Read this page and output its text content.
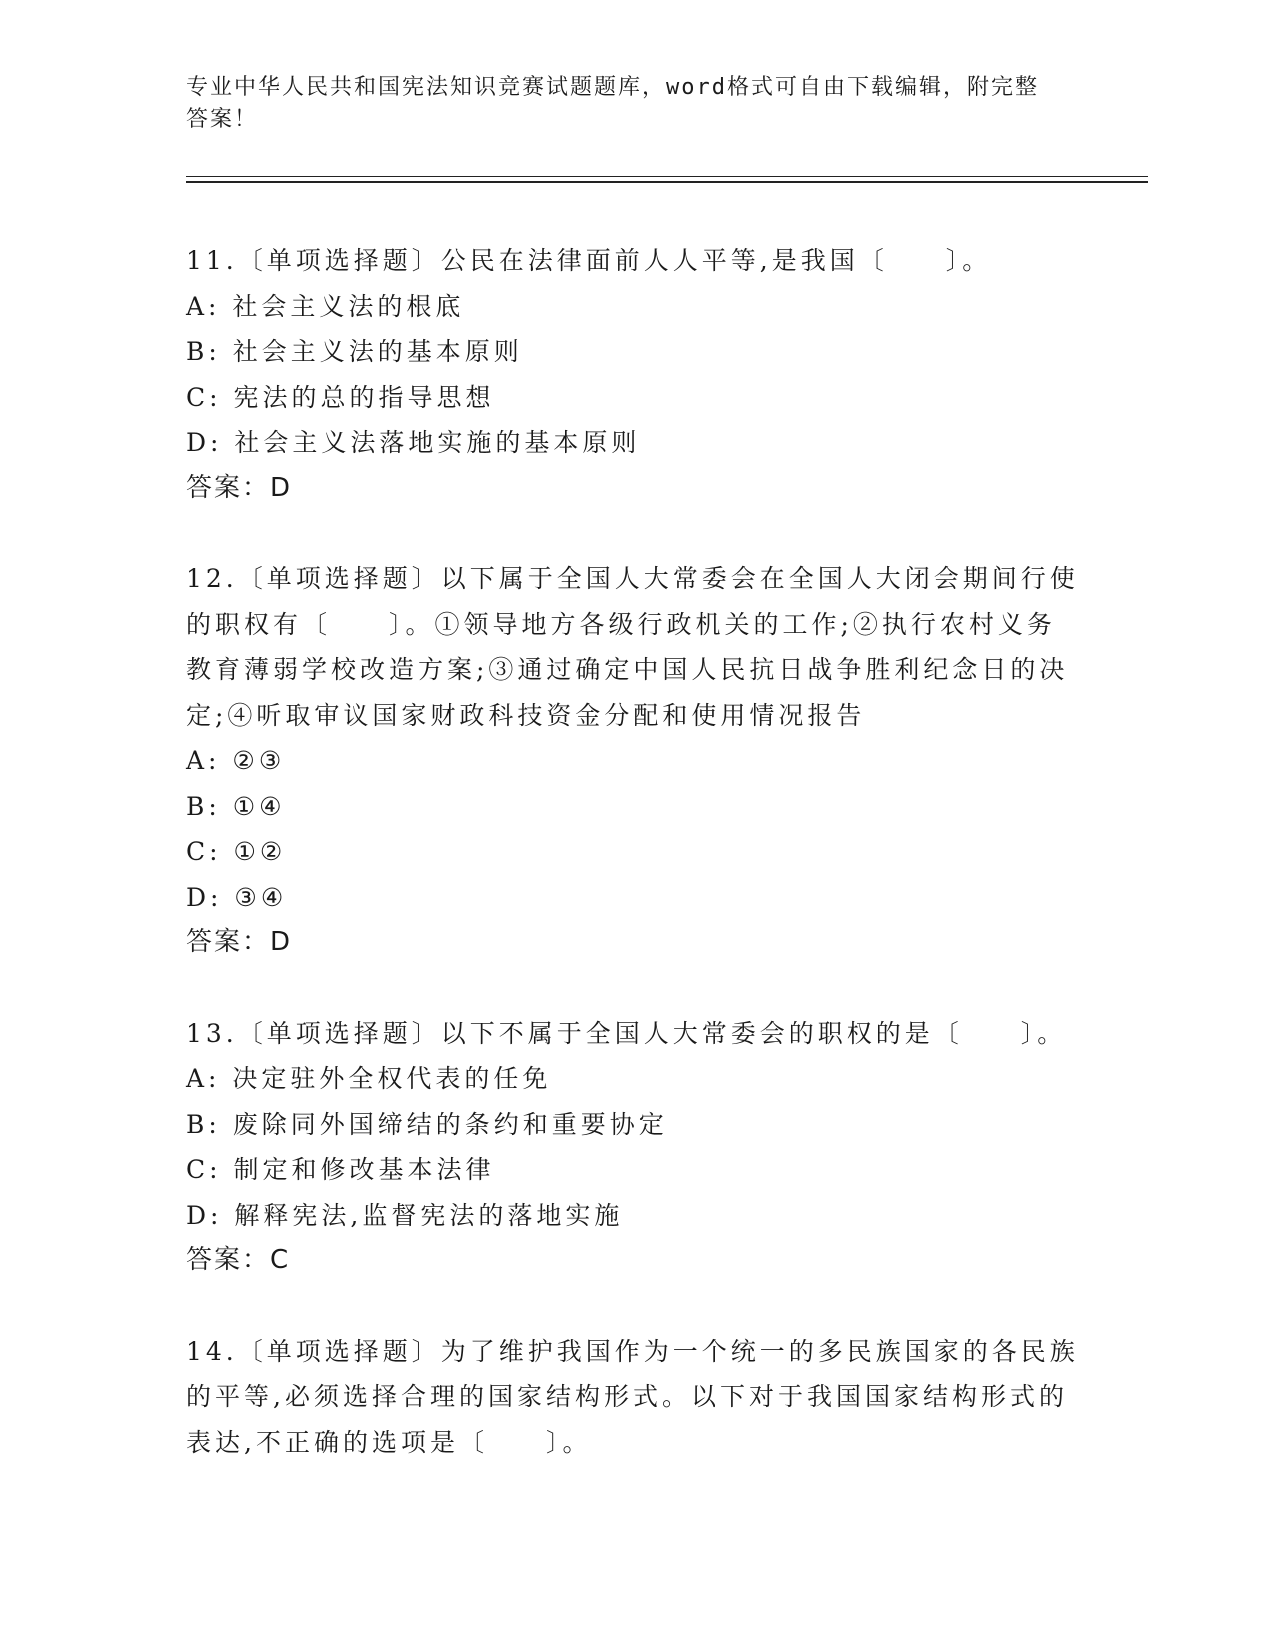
专业中华人民共和国宪法知识竞赛试题题库，word格式可自由下载编辑，附完整
答案！
11.〔单项选择题〕公民在法律面前人人平等,是我国〔　　〕。
A: 社会主义法的根底
B: 社会主义法的基本原则
C: 宪法的总的指导思想
D: 社会主义法落地实施的基本原则
答案：D
12.〔单项选择题〕以下属于全国人大常委会在全国人大闭会期间行使
的职权有〔　　〕。①领导地方各级行政机关的工作;②执行农村义务
教育薄弱学校改造方案;③通过确定中国人民抗日战争胜利纪念日的决
定;④听取审议国家财政科技资金分配和使用情况报告
A: ②③
B: ①④
C: ①②
D: ③④
答案：D
13.〔单项选择题〕以下不属于全国人大常委会的职权的是〔　　〕。
A: 决定驻外全权代表的任免
B: 废除同外国缔结的条约和重要协定
C: 制定和修改基本法律
D: 解释宪法,监督宪法的落地实施
答案：C
14.〔单项选择题〕为了维护我国作为一个统一的多民族国家的各民族
的平等,必须选择合理的国家结构形式。以下对于我国国家结构形式的
表达,不正确的选项是〔　　〕。
